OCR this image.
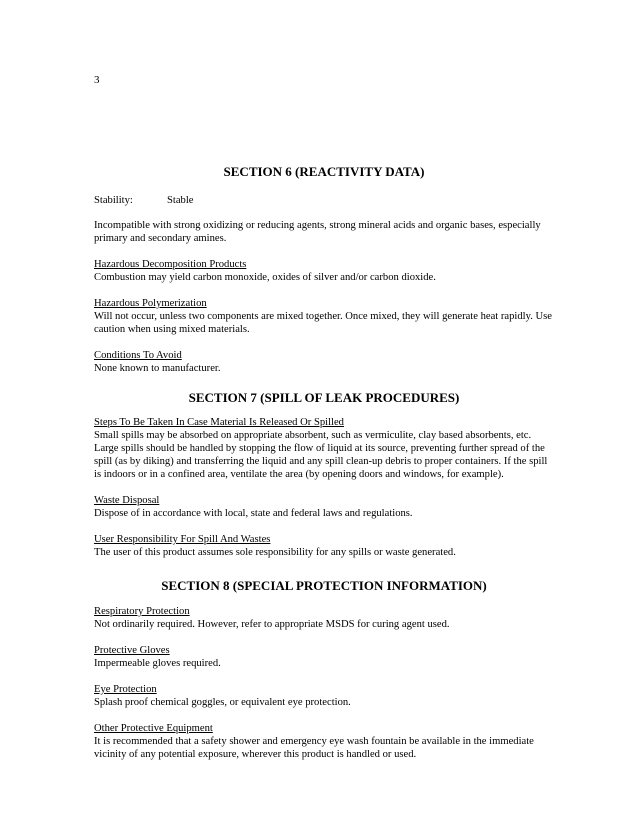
3
SECTION 6 (REACTIVITY DATA)
Stability:	Stable
Incompatible with strong oxidizing or reducing agents, strong mineral acids and organic bases, especially primary and secondary amines.
Hazardous Decomposition Products
Combustion may yield carbon monoxide, oxides of silver and/or carbon dioxide.
Hazardous Polymerization
Will not occur, unless two components are mixed together. Once mixed, they will generate heat rapidly. Use caution when using mixed materials.
Conditions To Avoid
None known to manufacturer.
SECTION 7 (SPILL OF LEAK PROCEDURES)
Steps To Be Taken In Case Material Is Released Or Spilled
Small spills may be absorbed on appropriate absorbent, such as vermiculite, clay based absorbents, etc. Large spills should be handled by stopping the flow of liquid at its source, preventing further spread of the spill (as by diking) and transferring the liquid and any spill clean-up debris to proper containers. If the spill is indoors or in a confined area, ventilate the area (by opening doors and windows, for example).
Waste Disposal
Dispose of in accordance with local, state and federal laws and regulations.
User Responsibility For Spill And Wastes
The user of this product assumes sole responsibility for any spills or waste generated.
SECTION 8 (SPECIAL PROTECTION INFORMATION)
Respiratory Protection
Not ordinarily required. However, refer to appropriate MSDS for curing agent used.
Protective Gloves
Impermeable gloves required.
Eye Protection
Splash proof chemical goggles, or equivalent eye protection.
Other Protective Equipment
It is recommended that a safety shower and emergency eye wash fountain be available in the immediate vicinity of any potential exposure, wherever this product is handled or used.
